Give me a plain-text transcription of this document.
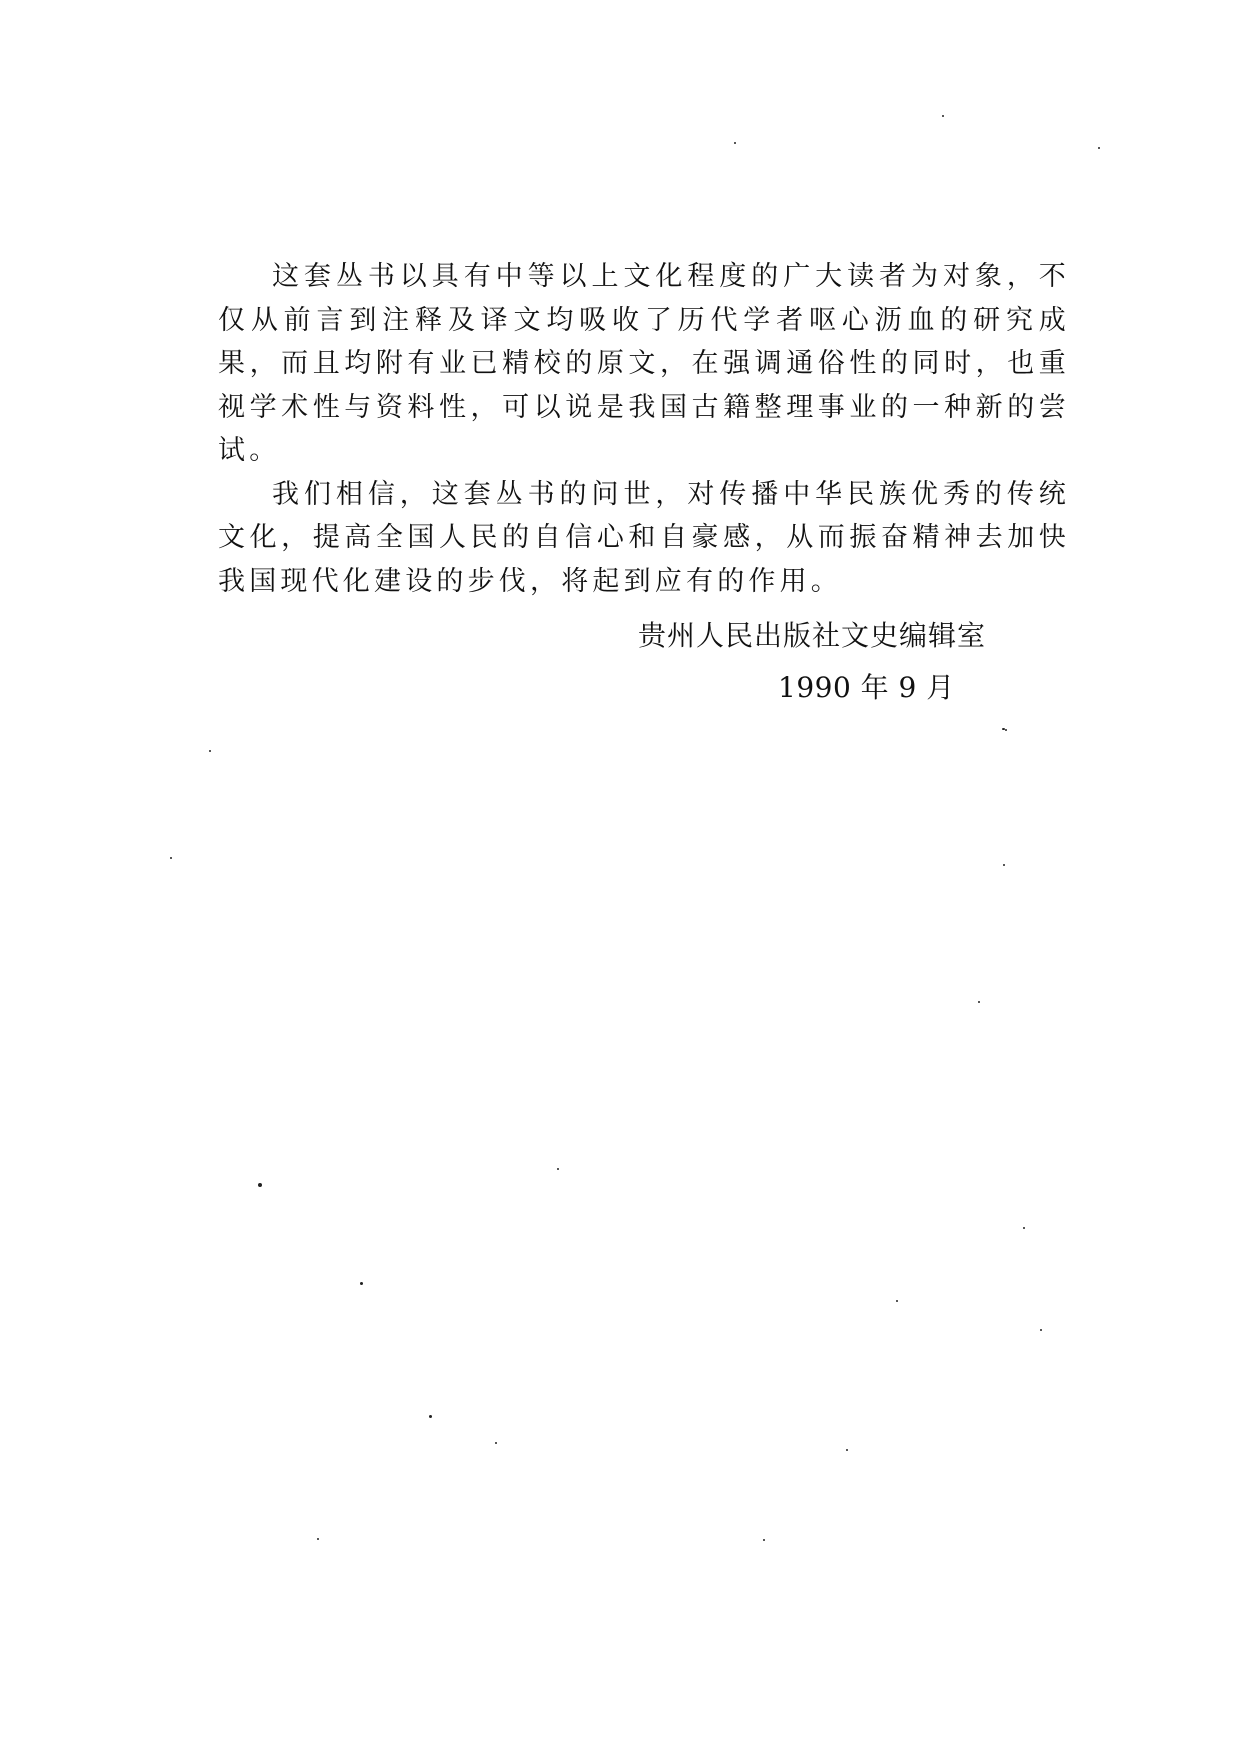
这套丛书以具有中等以上文化程度的广大读者为对象，不仅从前言到注释及译文均吸收了历代学者呕心沥血的研究成果，而且均附有业已精校的原文，在强调通俗性的同时，也重视学术性与资料性，可以说是我国古籍整理事业的一种新的尝试。

我们相信，这套丛书的问世，对传播中华民族优秀的传统文化，提高全国人民的自信心和自豪感，从而振奋精神去加快我国现代化建设的步伐，将起到应有的作用。

贵州人民出版社文史编辑室
1990 年 9 月
